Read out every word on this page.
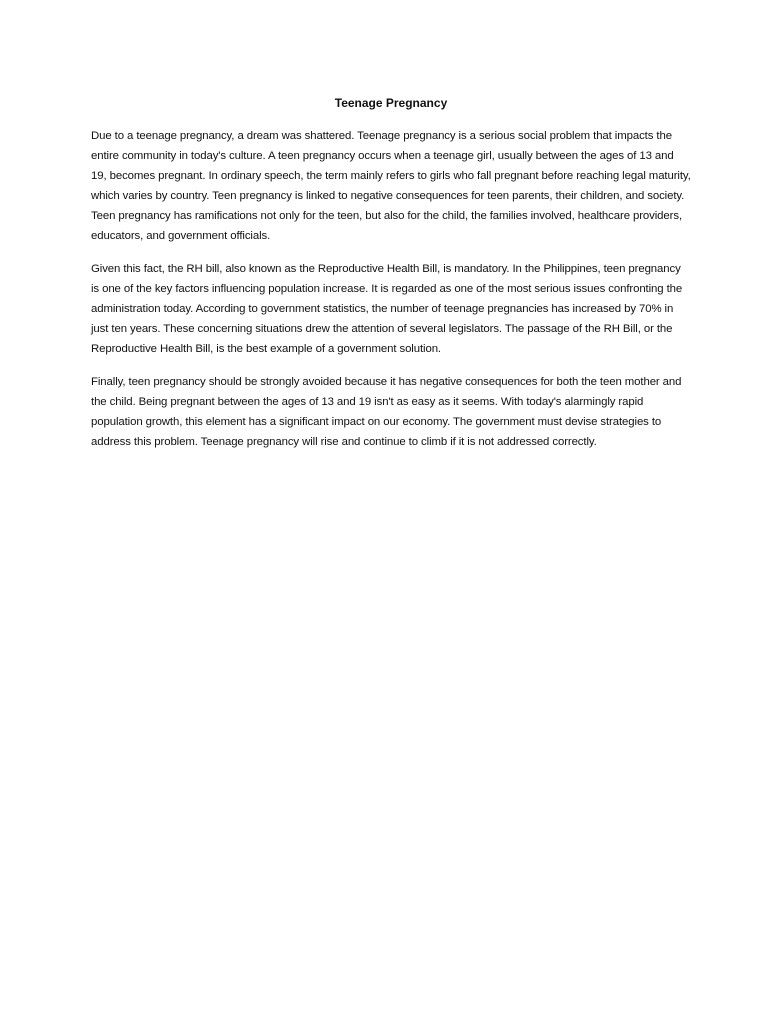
Teenage Pregnancy

Due to a teenage pregnancy, a dream was shattered. Teenage pregnancy is a serious social problem that impacts the entire community in today's culture. A teen pregnancy occurs when a teenage girl, usually between the ages of 13 and 19, becomes pregnant. In ordinary speech, the term mainly refers to girls who fall pregnant before reaching legal maturity, which varies by country. Teen pregnancy is linked to negative consequences for teen parents, their children, and society. Teen pregnancy has ramifications not only for the teen, but also for the child, the families involved, healthcare providers, educators, and government officials.

Given this fact, the RH bill, also known as the Reproductive Health Bill, is mandatory. In the Philippines, teen pregnancy is one of the key factors influencing population increase. It is regarded as one of the most serious issues confronting the administration today. According to government statistics, the number of teenage pregnancies has increased by 70% in just ten years. These concerning situations drew the attention of several legislators. The passage of the RH Bill, or the Reproductive Health Bill, is the best example of a government solution.

Finally, teen pregnancy should be strongly avoided because it has negative consequences for both the teen mother and the child. Being pregnant between the ages of 13 and 19 isn't as easy as it seems. With today's alarmingly rapid population growth, this element has a significant impact on our economy. The government must devise strategies to address this problem. Teenage pregnancy will rise and continue to climb if it is not addressed correctly.
